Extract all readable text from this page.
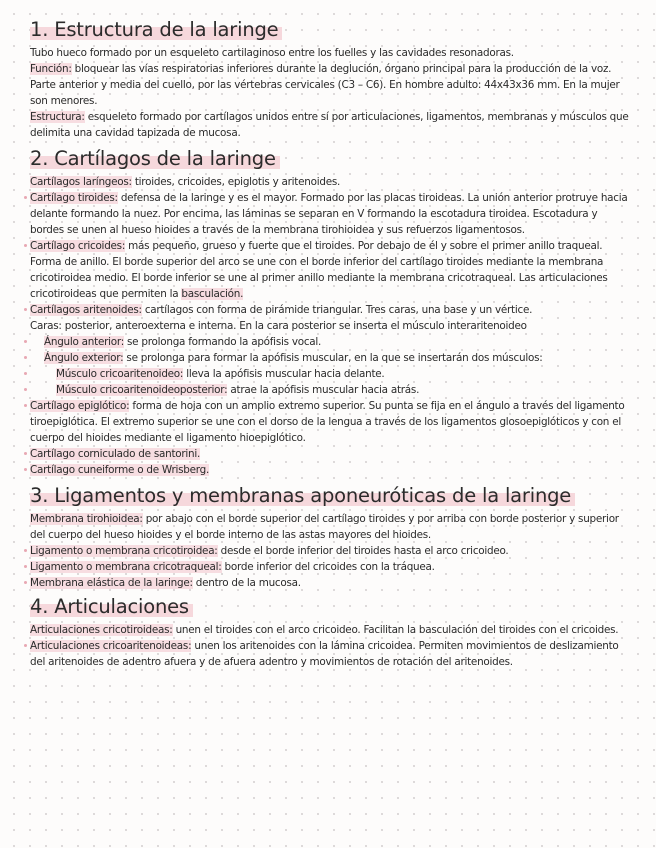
1. Estructura de la laringe

Tubo hueco formado por un esqueleto cartilaginoso entre los fuelles y las cavidades resonadoras.

Función: bloquear las vías respiratorias inferiores durante la deglución, órgano principal para la producción de la voz.

Parte anterior y media del cuello, por las vértebras cervicales (C3 – C6). En hombre adulto: 44x43x36 mm. En la mujer son menores.

Estructura: esqueleto formado por cartílagos unidos entre sí por articulaciones, ligamentos, membranas y músculos que delimita una cavidad tapizada de mucosa.

2. Cartílagos de la laringe

Cartílagos laríngeos: tiroides, cricoides, epiglotis y aritenoides.

Cartílago tiroides: defensa de la laringe y es el mayor. Formado por las placas tiroideas. La unión anterior protruye hacia delante formando la nuez. Por encima, las láminas se separan en V formando la escotadura tiroidea. Escotadura y bordes se unen al hueso hioides a través de la membrana tirohioidea y sus refuerzos ligamentosos.

Cartílago cricoides: más pequeño, grueso y fuerte que el tiroides. Por debajo de él y sobre el primer anillo traqueal. Forma de anillo. El borde superior del arco se une con el borde inferior del cartílago tiroides mediante la membrana cricotiroidea medio. El borde inferior se une al primer anillo mediante la membrana cricotraqueal. Las articulaciones cricotiroideas que permiten la basculación.

Cartílagos aritenoides: cartílagos con forma de pirámide triangular. Tres caras, una base y un vértice.

Caras: posterior, anteroexterna e interna. En la cara posterior se inserta el músculo interaritenoideo

Ángulo anterior: se prolonga formando la apófisis vocal.

Ángulo exterior: se prolonga para formar la apófisis muscular, en la que se insertarán dos músculos:

Músculo cricoaritenoideo: lleva la apófisis muscular hacia delante.

Músculo cricoaritenoideoposterior: atrae la apófisis muscular hacia atrás.

Cartílago epiglótico: forma de hoja con un amplio extremo superior. Su punta se fija en el ángulo a través del ligamento tiroepiglótica. El extremo superior se une con el dorso de la lengua a través de los ligamentos glosoepiglóticos y con el cuerpo del hioides mediante el ligamento hioepiglótico.

Cartílago corniculado de santorini.

Cartílago cuneiforme o de Wrisberg.

3. Ligamentos y membranas aponeuróticas de la laringe

Membrana tirohioidea: por abajo con el borde superior del cartílago tiroides y por arriba con borde posterior y superior del cuerpo del hueso hioides y el borde interno de las astas mayores del hioides.

Ligamento o membrana cricotiroidea: desde el borde inferior del tiroides hasta el arco cricoideo.

Ligamento o membrana cricotraqueal: borde inferior del cricoides con la tráquea.

Membrana elástica de la laringe: dentro de la mucosa.

4. Articulaciones

Articulaciones cricotiroideas: unen el tiroides con el arco cricoideo. Facilitan la basculación del tiroides con el cricoides.

Articulaciones cricoaritenoideas: unen los aritenoides con la lámina cricoidea. Permiten movimientos de deslizamiento del aritenoides de adentro afuera y de afuera adentro y movimientos de rotación del aritenoides.
